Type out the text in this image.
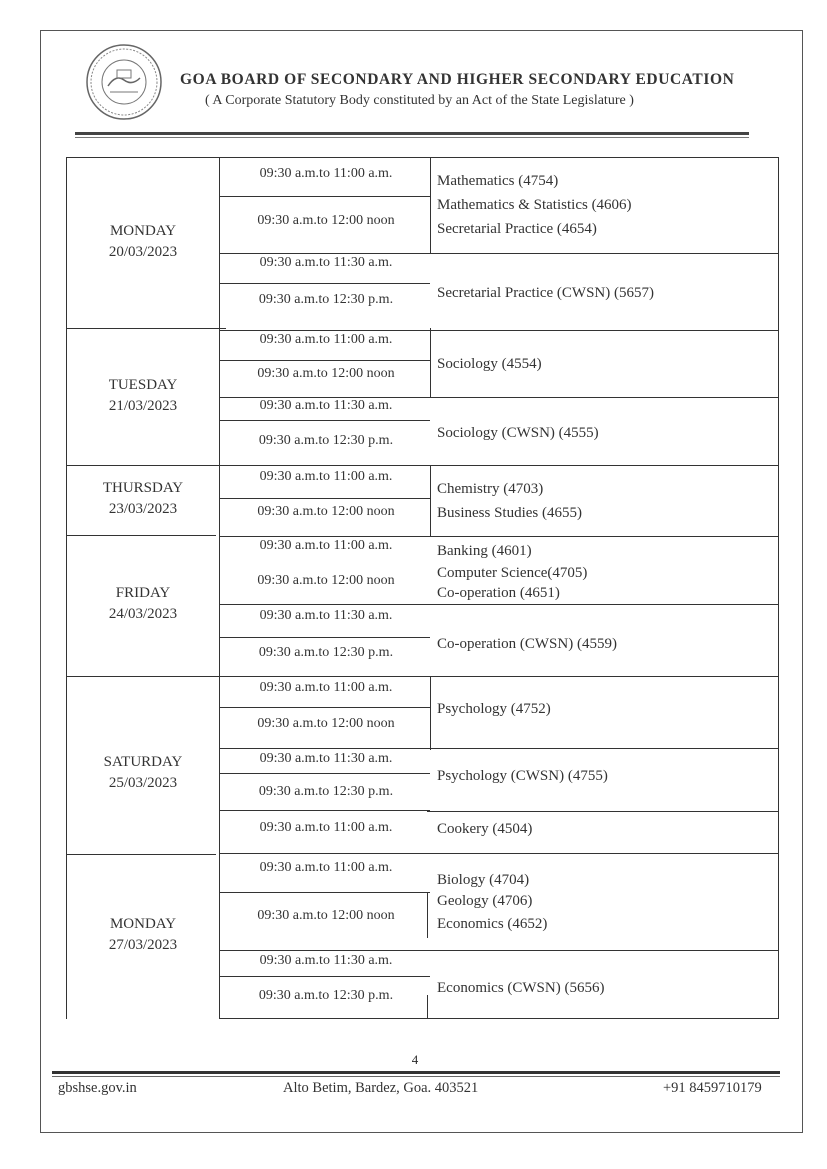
GOA BOARD OF SECONDARY AND HIGHER SECONDARY EDUCATION
( A Corporate Statutory Body constituted by an Act of the State Legislature )
MONDAY
20/03/2023
TUESDAY
21/03/2023
THURSDAY
23/03/2023
FRIDAY
24/03/2023
SATURDAY
25/03/2023
MONDAY
27/03/2023
09:30 a.m.to 11:00 a.m.
09:30 a.m.to 12:00 noon
09:30 a.m.to 11:30 a.m.
09:30 a.m.to 12:30 p.m.
09:30 a.m.to 11:00 a.m.
09:30 a.m.to 12:00 noon
09:30 a.m.to 11:30 a.m.
09:30 a.m.to 12:30 p.m.
09:30 a.m.to 11:00 a.m.
09:30 a.m.to 12:00 noon
09:30 a.m.to 11:00 a.m.
09:30 a.m.to 12:00 noon
09:30 a.m.to 11:30 a.m.
09:30 a.m.to 12:30 p.m.
09:30 a.m.to 11:00 a.m.
09:30 a.m.to 12:00 noon
09:30 a.m.to 11:30 a.m.
09:30 a.m.to 12:30 p.m.
09:30 a.m.to 11:00 a.m.
09:30 a.m.to 11:00 a.m.
09:30 a.m.to 12:00 noon
09:30 a.m.to 11:30 a.m.
09:30 a.m.to 12:30 p.m.
Mathematics (4754)
Mathematics & Statistics (4606)
Secretarial Practice (4654)
Secretarial Practice (CWSN) (5657)
Sociology (4554)
Sociology (CWSN) (4555)
Chemistry (4703)
Business Studies (4655)
Banking (4601)
Computer Science(4705)
Co-operation (4651)
Co-operation (CWSN) (4559)
Psychology (4752)
Psychology (CWSN) (4755)
Cookery (4504)
Biology (4704)
Geology (4706)
Economics (4652)
Economics (CWSN) (5656)
4
gbshse.gov.in	Alto Betim, Bardez, Goa. 403521	+91 8459710179
